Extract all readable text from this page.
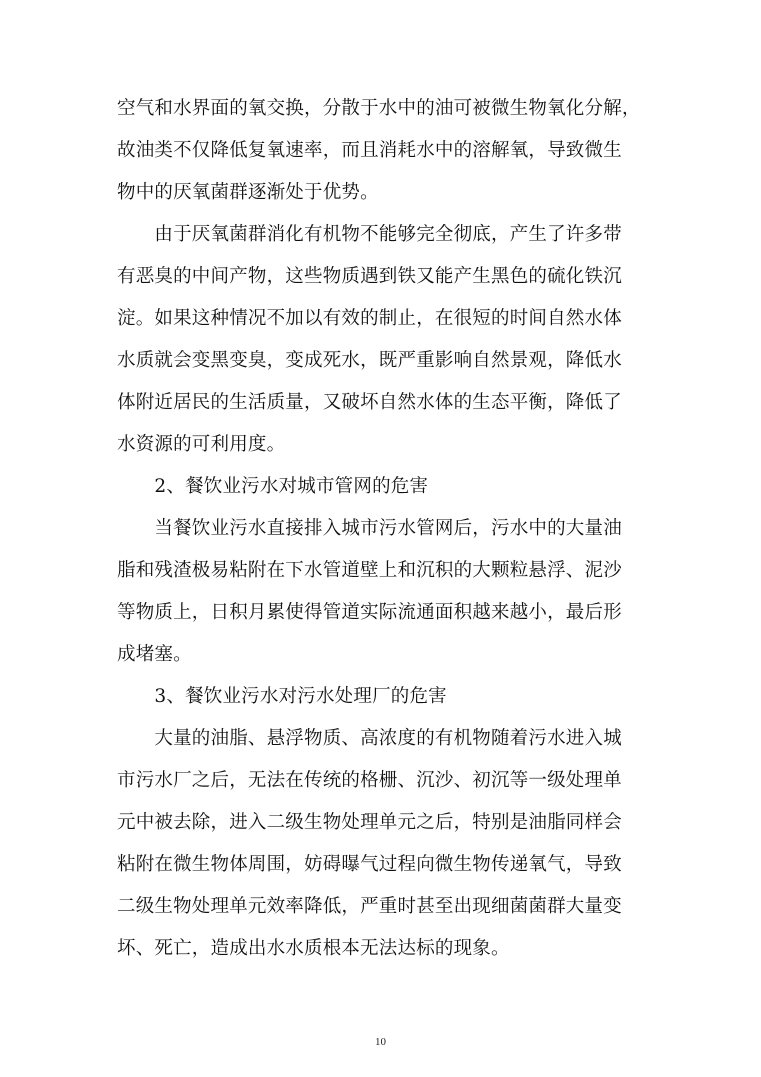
空气和水界面的氧交换，分散于水中的油可被微生物氧化分解，
故油类不仅降低复氧速率，而且消耗水中的溶解氧，导致微生
物中的厌氧菌群逐渐处于优势。
　　由于厌氧菌群消化有机物不能够完全彻底，产生了许多带
有恶臭的中间产物，这些物质遇到铁又能产生黑色的硫化铁沉
淀。如果这种情况不加以有效的制止，在很短的时间自然水体
水质就会变黑变臭，变成死水，既严重影响自然景观，降低水
体附近居民的生活质量，又破坏自然水体的生态平衡，降低了
水资源的可利用度。
　　2、餐饮业污水对城市管网的危害
　　当餐饮业污水直接排入城市污水管网后，污水中的大量油
脂和残渣极易粘附在下水管道壁上和沉积的大颗粒悬浮、泥沙
等物质上，日积月累使得管道实际流通面积越来越小，最后形
成堵塞。
　　3、餐饮业污水对污水处理厂的危害
　　大量的油脂、悬浮物质、高浓度的有机物随着污水进入城
市污水厂之后，无法在传统的格栅、沉沙、初沉等一级处理单
元中被去除，进入二级生物处理单元之后，特别是油脂同样会
粘附在微生物体周围，妨碍曝气过程向微生物传递氧气，导致
二级生物处理单元效率降低，严重时甚至出现细菌菌群大量变
坏、死亡，造成出水水质根本无法达标的现象。
10
